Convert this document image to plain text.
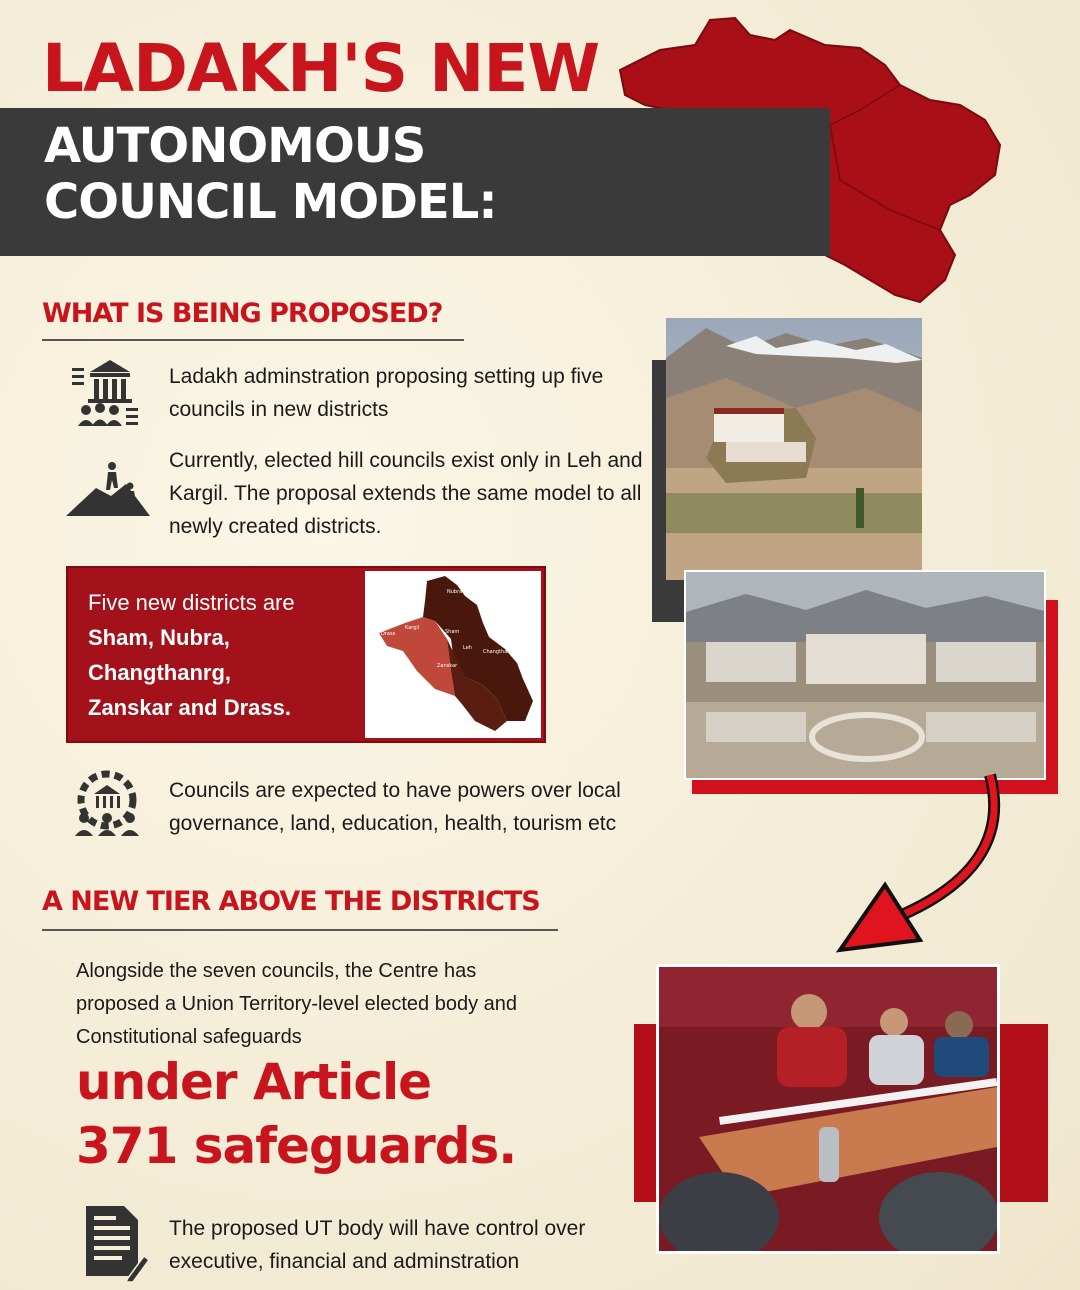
LADAKH'S NEW
AUTONOMOUS
COUNCIL MODEL:
WHAT IS BEING PROPOSED?
Ladakh adminstration proposing setting up five councils in new districts
Currently, elected hill councils exist only in Leh and Kargil. The proposal extends the same model to all newly created districts.
Five new districts are
Sham, Nubra,
Changthanrg,
Zanskar and Drass.
Nubra
Sham
Leh
Drass
Kargil
Zanskar
Changthang
Councils are expected to have powers over local governance, land, education, health, tourism etc
A NEW TIER ABOVE THE DISTRICTS
Alongside the seven councils, the Centre has proposed a Union Territory-level elected body and Constitutional safeguards
under Article
371 safeguards.
The proposed UT body will have control over executive, financial and adminstration
